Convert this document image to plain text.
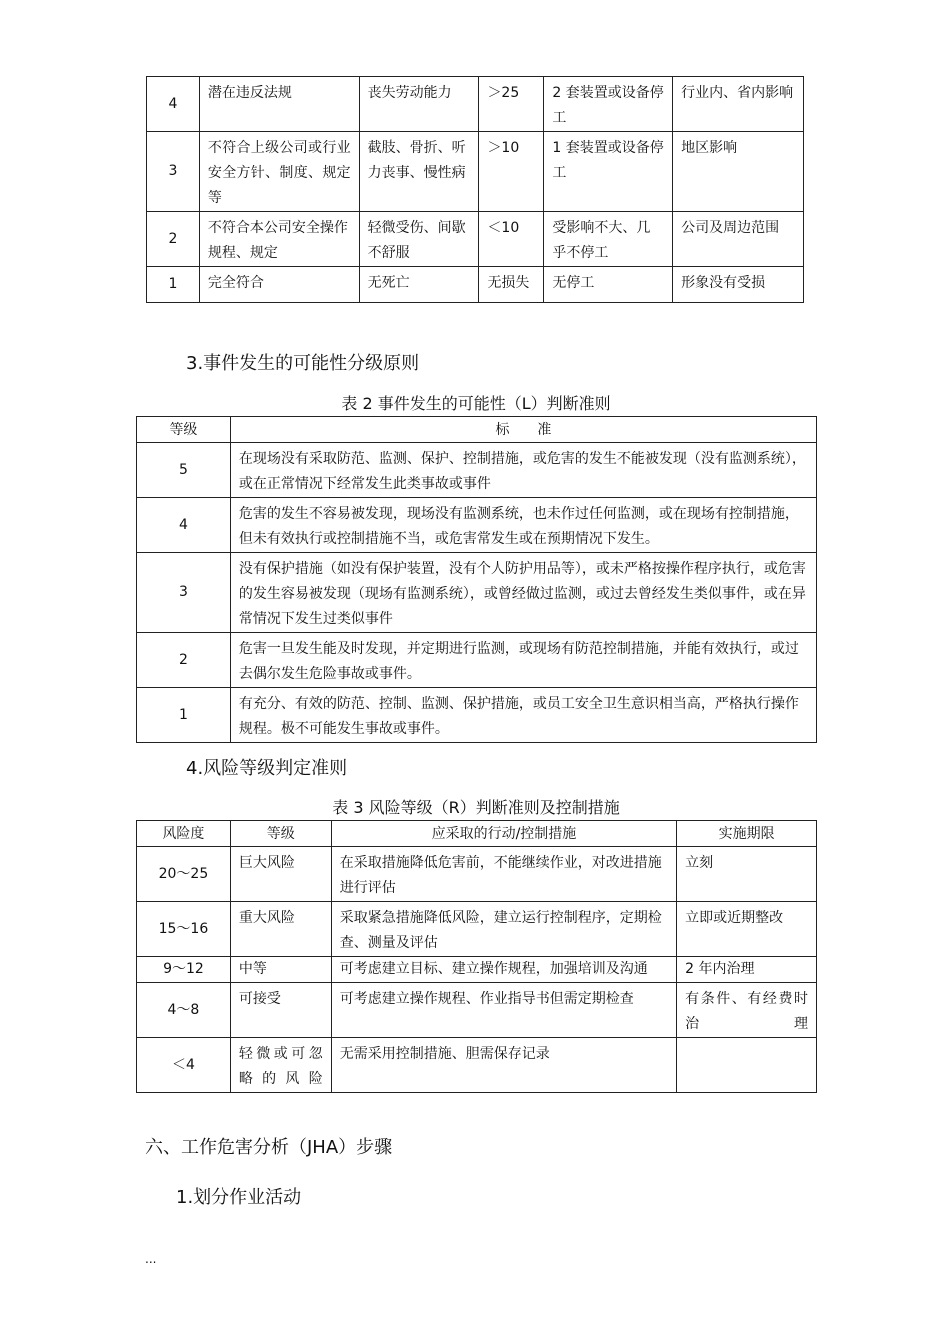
4	潜在违反法规	丧失劳动能力	＞25	2 套装置或设备停工	行业内、省内影响
3	不符合上级公司或行业安全方针、制度、规定等	截肢、骨折、听力丧事、慢性病	＞10	1 套装置或设备停工	地区影响
2	不符合本公司安全操作规程、规定	轻微受伤、间歇不舒服	＜10	受影响不大、几乎不停工	公司及周边范围
1	完全符合	无死亡	无损失	无停工	形象没有受损
3.事件发生的可能性分级原则
表 2 事件发生的可能性（L）判断准则
等级	标　　准
5	在现场没有采取防范、监测、保护、控制措施，或危害的发生不能被发现（没有监测系统），或在正常情况下经常发生此类事故或事件
4	危害的发生不容易被发现，现场没有监测系统，也未作过任何监测，或在现场有控制措施，但未有效执行或控制措施不当，或危害常发生或在预期情况下发生。
3	没有保护措施（如没有保护装置，没有个人防护用品等），或未严格按操作程序执行，或危害的发生容易被发现（现场有监测系统），或曾经做过监测，或过去曾经发生类似事件，或在异常情况下发生过类似事件
2	危害一旦发生能及时发现，并定期进行监测，或现场有防范控制措施，并能有效执行，或过去偶尔发生危险事故或事件。
1	有充分、有效的防范、控制、监测、保护措施，或员工安全卫生意识相当高，严格执行操作规程。极不可能发生事故或事件。
4.风险等级判定准则
表 3 风险等级（R）判断准则及控制措施
风险度	等级	应采取的行动/控制措施	实施期限
20～25	巨大风险	在采取措施降低危害前，不能继续作业，对改进措施进行评估	立刻
15～16	重大风险	采取紧急措施降低风险，建立运行控制程序，定期检查、测量及评估	立即或近期整改
9～12	中等	可考虑建立目标、建立操作规程，加强培训及沟通	2 年内治理
4～8	可接受	可考虑建立操作规程、作业指导书但需定期检查	有条件、有经费时治理
＜4	轻微或可忽略的风险	无需采用控制措施、胆需保存记录	
六、工作危害分析（JHA）步骤
1.划分作业活动
...
